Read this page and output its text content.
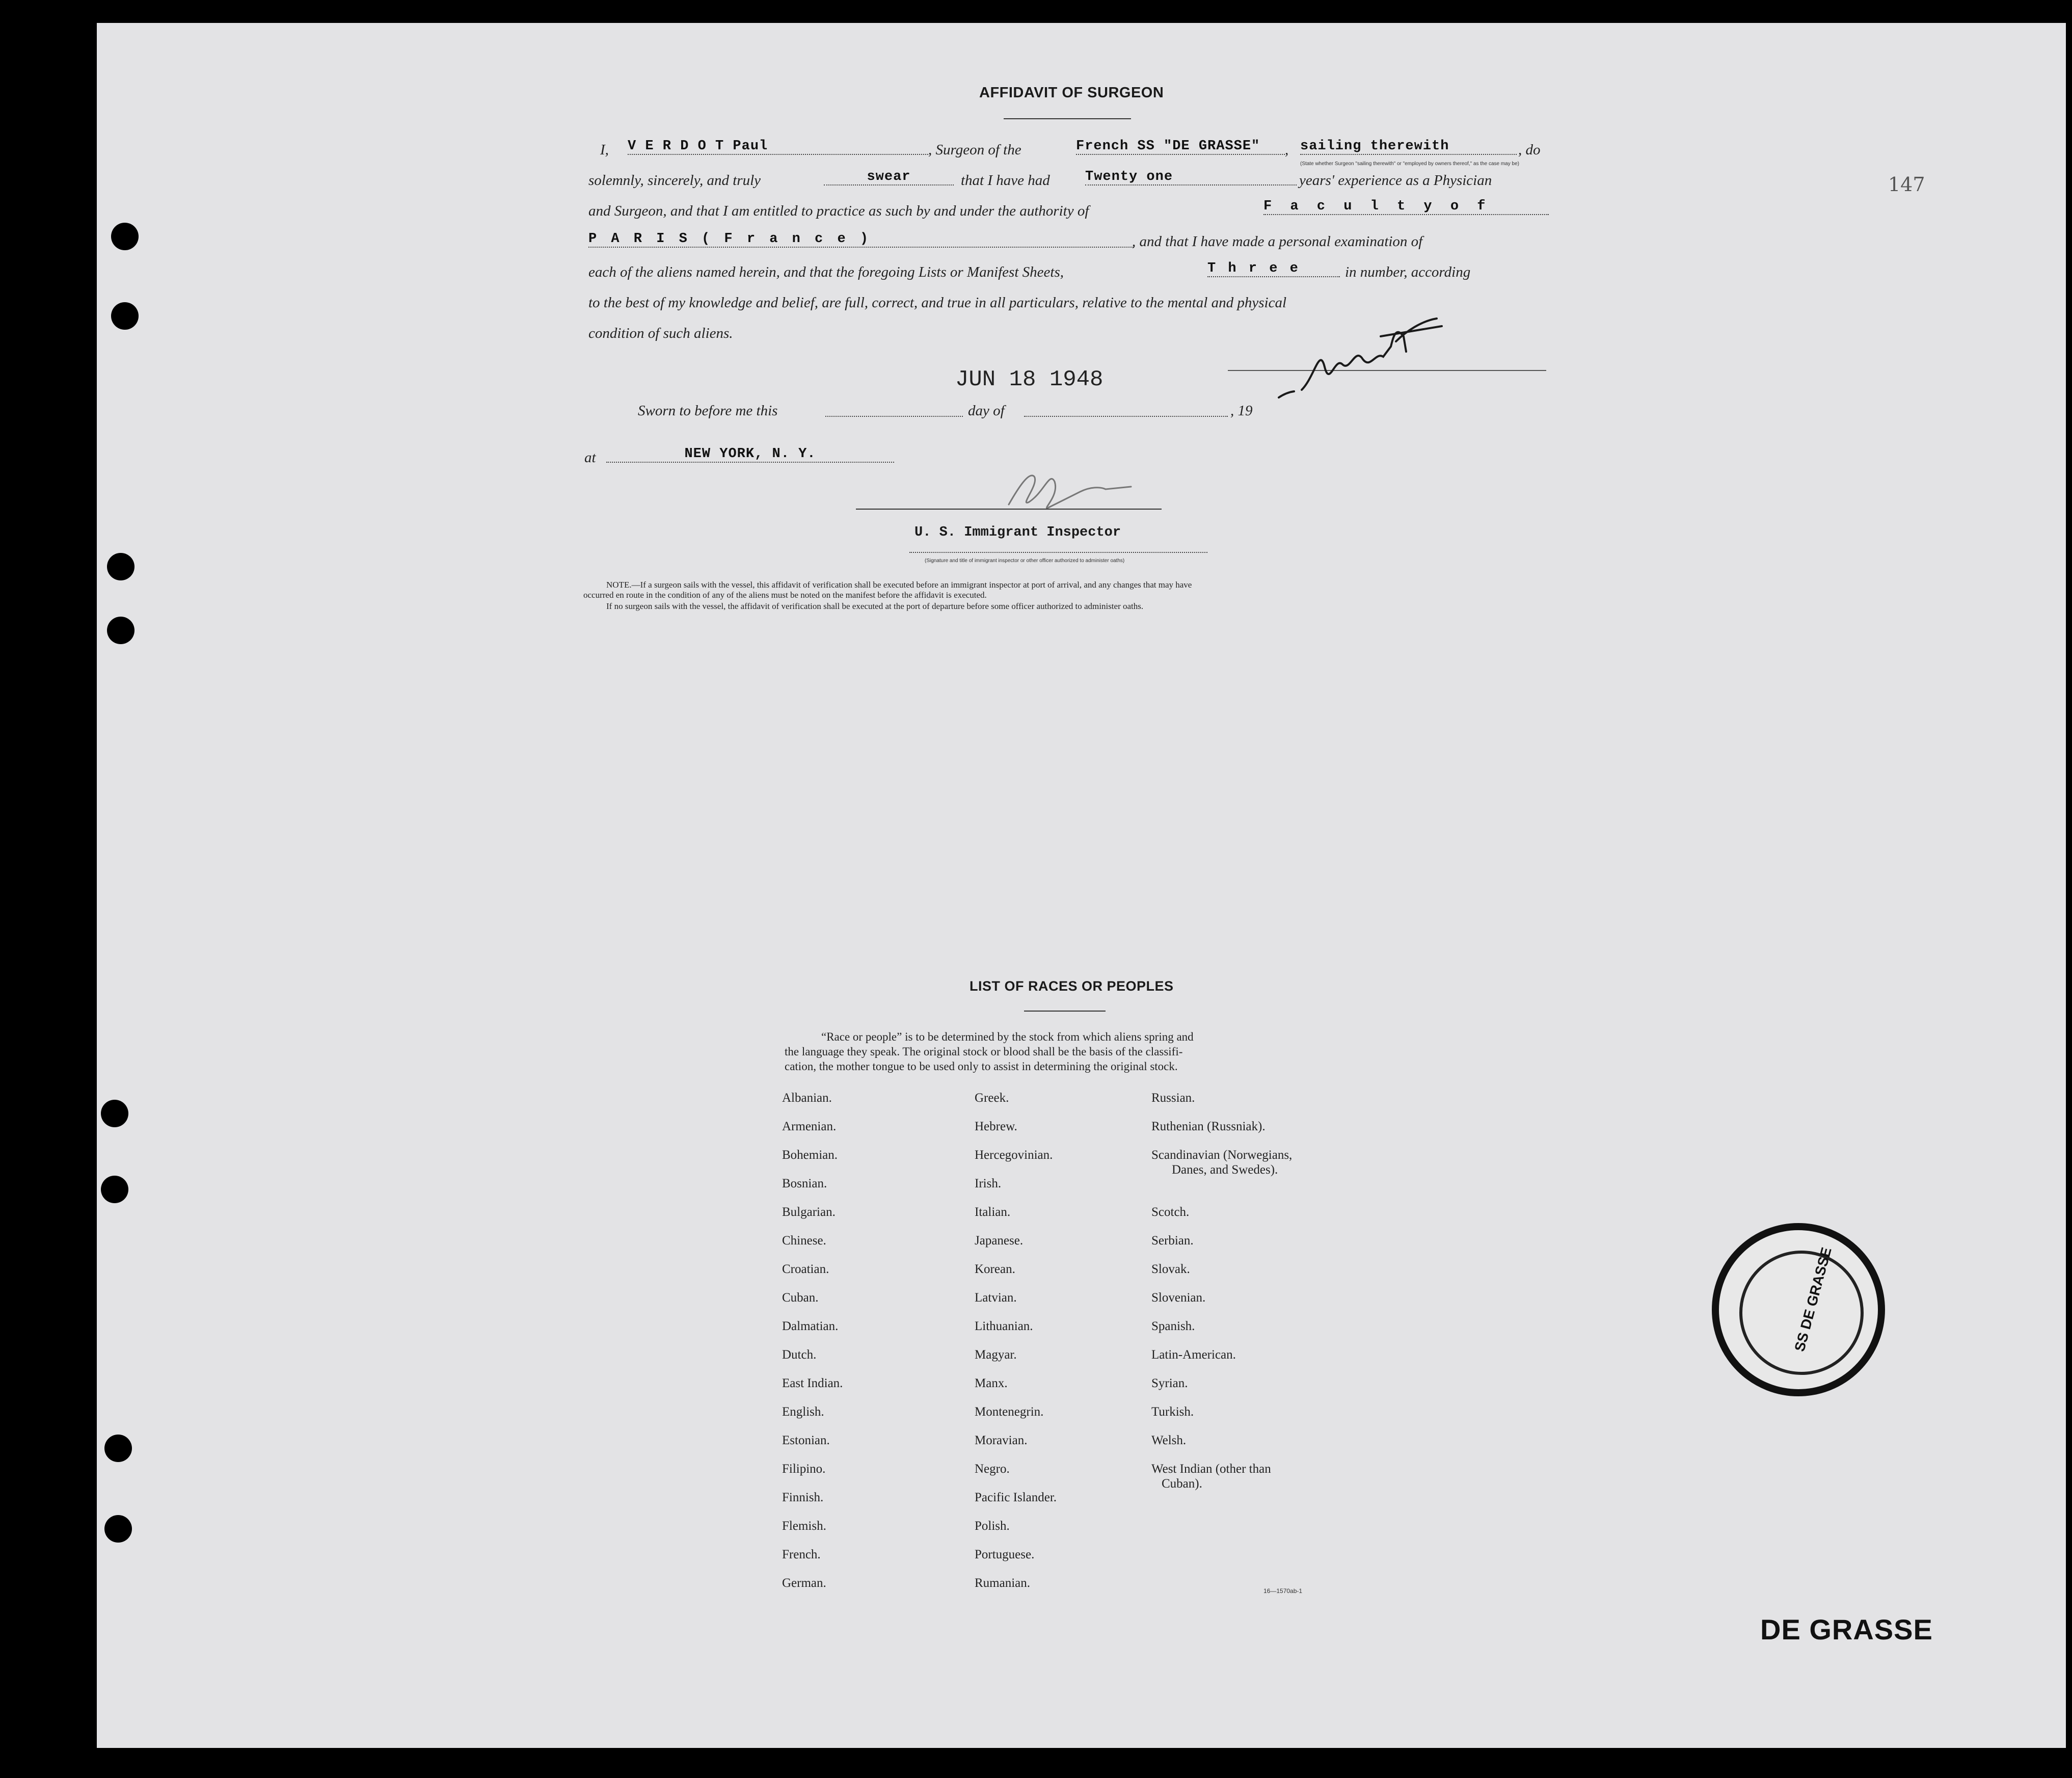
AFFIDAVIT OF SURGEON
I, V E R D O T Paul	, Surgeon of the	French SS "DE GRASSE"	, sailing therewith	, do
(State whether Surgeon "sailing therewith" or "employed by owners thereof," as the case may be)
solemnly, sincerely, and truly	swear	that I have had	Twenty one	years' experience as a Physician
and Surgeon, and that I am entitled to practice as such by and under the authority of	F a c u l t y o f
P A R I S ( F r a n c e )	, and that I have made a personal examination of
each of the aliens named herein, and that the foregoing Lists or Manifest Sheets,	T h r e e	in number, according
to the best of my knowledge and belief, are full, correct, and true in all particulars, relative to the mental and physical
condition of such aliens.
JUN 18 1948
Sworn to before me this	day of	, 19
at	NEW YORK, N. Y.
U. S. Immigrant Inspector
(Signature and title of immigrant inspector or other officer authorized to administer oaths)
NOTE.—If a surgeon sails with the vessel, this affidavit of verification shall be executed before an immigrant inspector at port of arrival, and any changes that may have
occurred en route in the condition of any of the aliens must be noted on the manifest before the affidavit is executed.
If no surgeon sails with the vessel, the affidavit of verification shall be executed at the port of departure before some officer authorized to administer oaths.
147
LIST OF RACES OR PEOPLES
“Race or people” is to be determined by the stock from which aliens spring and
the language they speak. The original stock or blood shall be the basis of the classifi-
cation, the mother tongue to be used only to assist in determining the original stock.
Albanian.
Armenian.
Bohemian.
Bosnian.
Bulgarian.
Chinese.
Croatian.
Cuban.
Dalmatian.
Dutch.
East Indian.
English.
Estonian.
Filipino.
Finnish.
Flemish.
French.
German.
Greek.
Hebrew.
Hercegovinian.
Irish.
Italian.
Japanese.
Korean.
Latvian.
Lithuanian.
Magyar.
Manx.
Montenegrin.
Moravian.
Negro.
Pacific Islander.
Polish.
Portuguese.
Rumanian.
Russian.
Ruthenian (Russniak).
Scandinavian (Norwegians,
Danes, and Swedes).
Scotch.
Serbian.
Slovak.
Slovenian.
Spanish.
Latin-American.
Syrian.
Turkish.
Welsh.
West Indian (other than
Cuban).
16—1570ab-1
SS DE GRASSE
DE GRASSE
